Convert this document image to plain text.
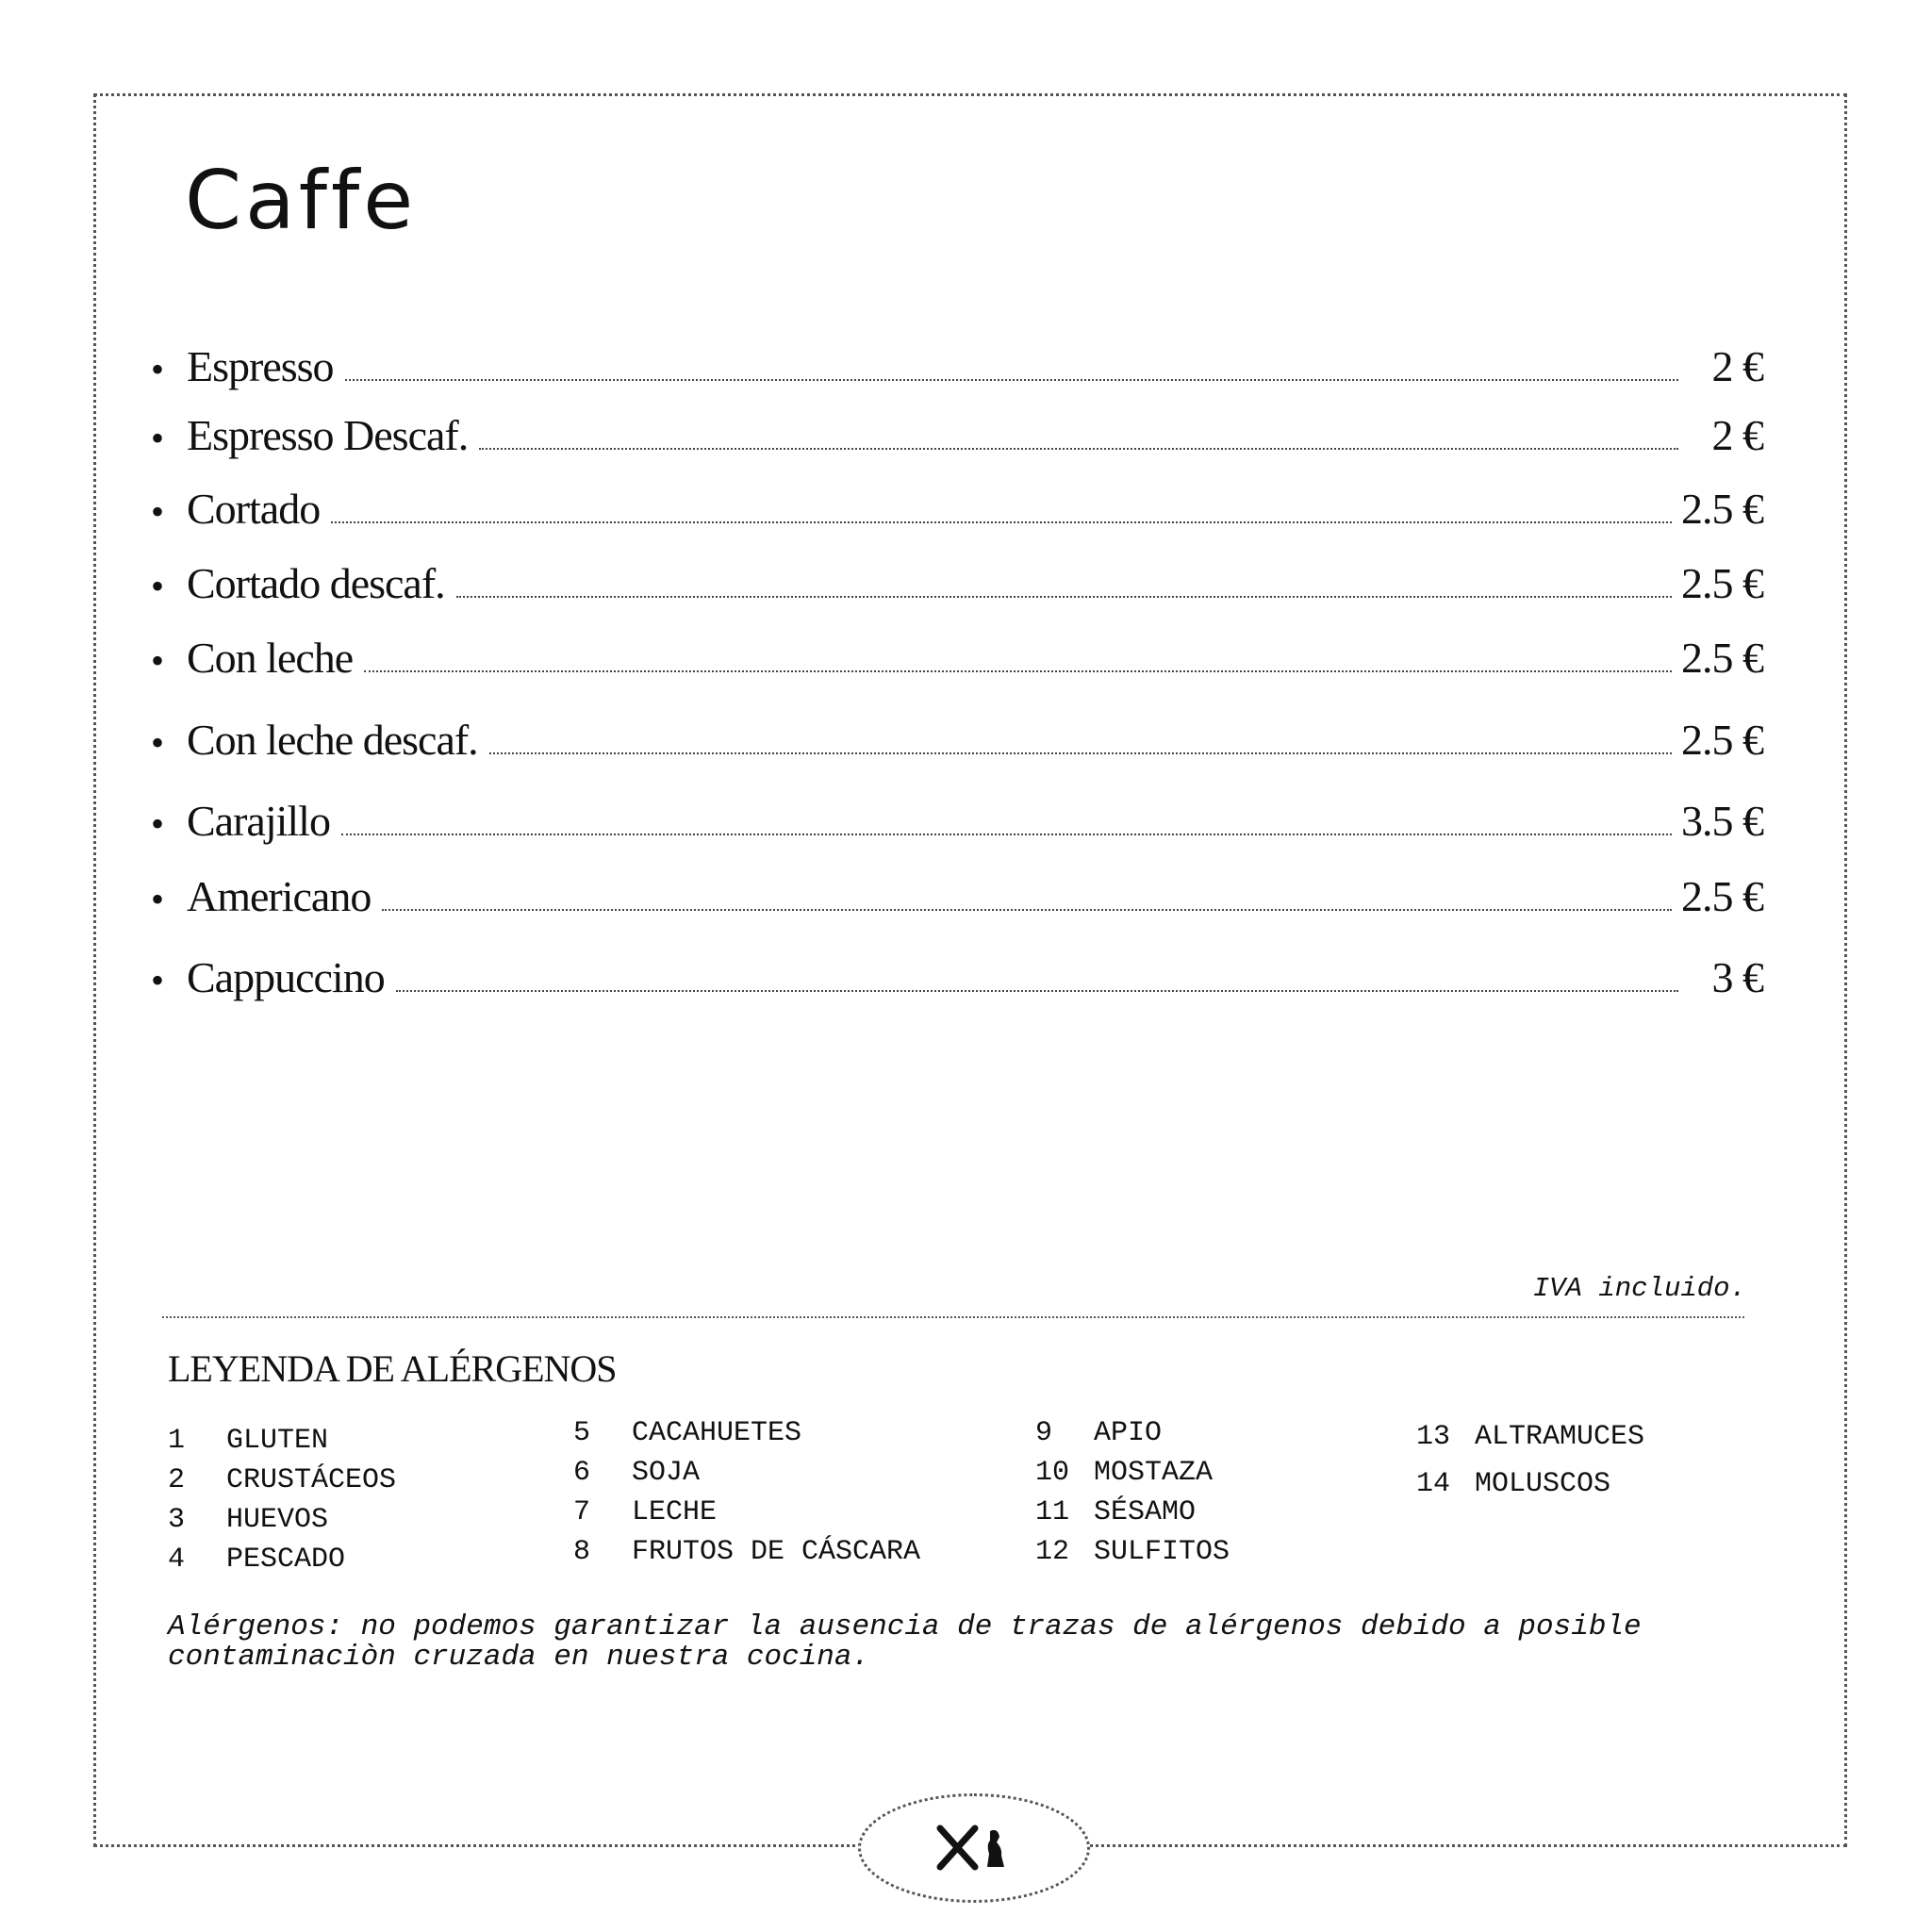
Caffe
• Espresso	2 €
• Espresso Descaf.	2 €
• Cortado	2.5 €
• Cortado descaf.	2.5 €
• Con leche	2.5 €
• Con leche descaf.	2.5 €
• Carajillo	3.5 €
• Americano	2.5 €
• Cappuccino	3 €
IVA incluido.
LEYENDA DE ALÉRGENOS
1 GLUTEN
2 CRUSTÁCEOS
3 HUEVOS
4 PESCADO
5 CACAHUETES
6 SOJA
7 LECHE
8 FRUTOS DE CÁSCARA
9 APIO
10 MOSTAZA
11 SÉSAMO
12 SULFITOS
13 ALTRAMUCES
14 MOLUSCOS
Alérgenos: no podemos garantizar la ausencia de trazas de alérgenos debido a posible
contaminaciòn cruzada en nuestra cocina.
